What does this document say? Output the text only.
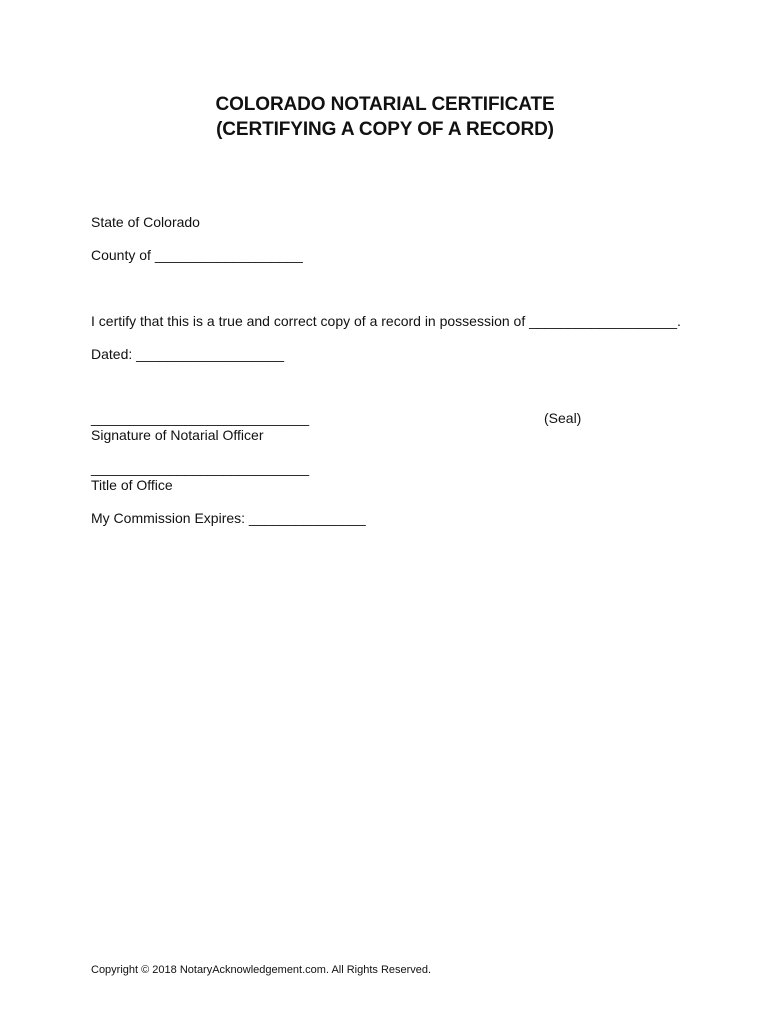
COLORADO NOTARIAL CERTIFICATE
(CERTIFYING A COPY OF A RECORD)
State of Colorado
County of ___________________
I certify that this is a true and correct copy of a record in possession of ___________________.
Dated: ___________________
____________________________	(Seal)
Signature of Notarial Officer
____________________________
Title of Office
My Commission Expires: _______________
Copyright © 2018 NotaryAcknowledgement.com. All Rights Reserved.
